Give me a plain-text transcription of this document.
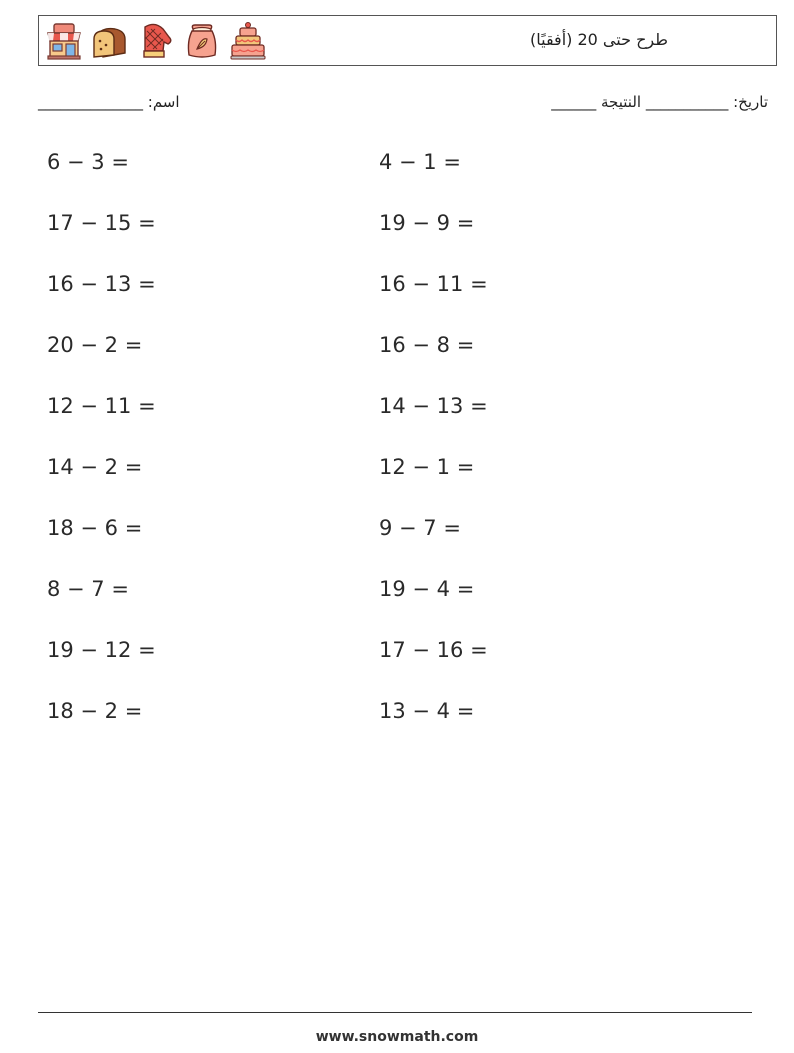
طرح حتى 20 (أفقيًا)
اسم: ______________	تاريخ: ___________ النتيجة ______
6 − 3 =
17 − 15 =
16 − 13 =
20 − 2 =
12 − 11 =
14 − 2 =
18 − 6 =
8 − 7 =
19 − 12 =
18 − 2 =
4 − 1 =
19 − 9 =
16 − 11 =
16 − 8 =
14 − 13 =
12 − 1 =
9 − 7 =
19 − 4 =
17 − 16 =
13 − 4 =
www.snowmath.com
